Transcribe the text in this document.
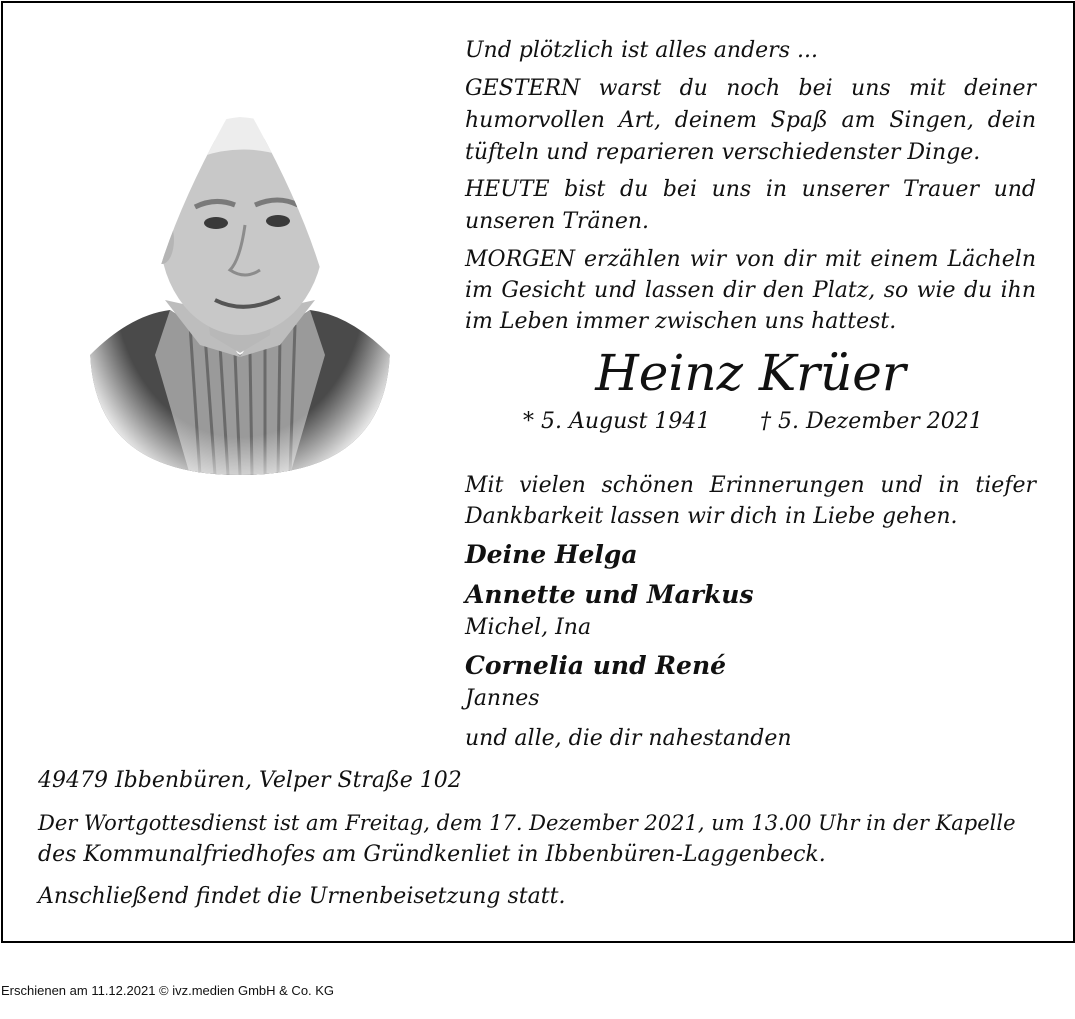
Und plötzlich ist alles anders ...
GESTERN warst du noch bei uns mit deiner
humorvollen Art, deinem Spaß am Singen, dein
tüfteln und reparieren verschiedenster Dinge.
HEUTE bist du bei uns in unserer Trauer und
unseren Tränen.
MORGEN erzählen wir von dir mit einem Lächeln
im Gesicht und lassen dir den Platz, so wie du ihn
im Leben immer zwischen uns hattest.
Heinz Krüer
* 5. August 1941 † 5. Dezember 2021
Mit vielen schönen Erinnerungen und in tiefer
Dankbarkeit lassen wir dich in Liebe gehen.
Deine Helga
Annette und Markus
Michel, Ina
Cornelia und René
Jannes
und alle, die dir nahestanden
49479 Ibbenbüren, Velper Straße 102
Der Wortgottesdienst ist am Freitag, dem 17. Dezember 2021, um 13.00 Uhr in der Kapelle
des Kommunalfriedhofes am Gründkenliet in Ibbenbüren-Laggenbeck.
Anschließend findet die Urnenbeisetzung statt.
Erschienen am 11.12.2021 © ivz.medien GmbH & Co. KG
